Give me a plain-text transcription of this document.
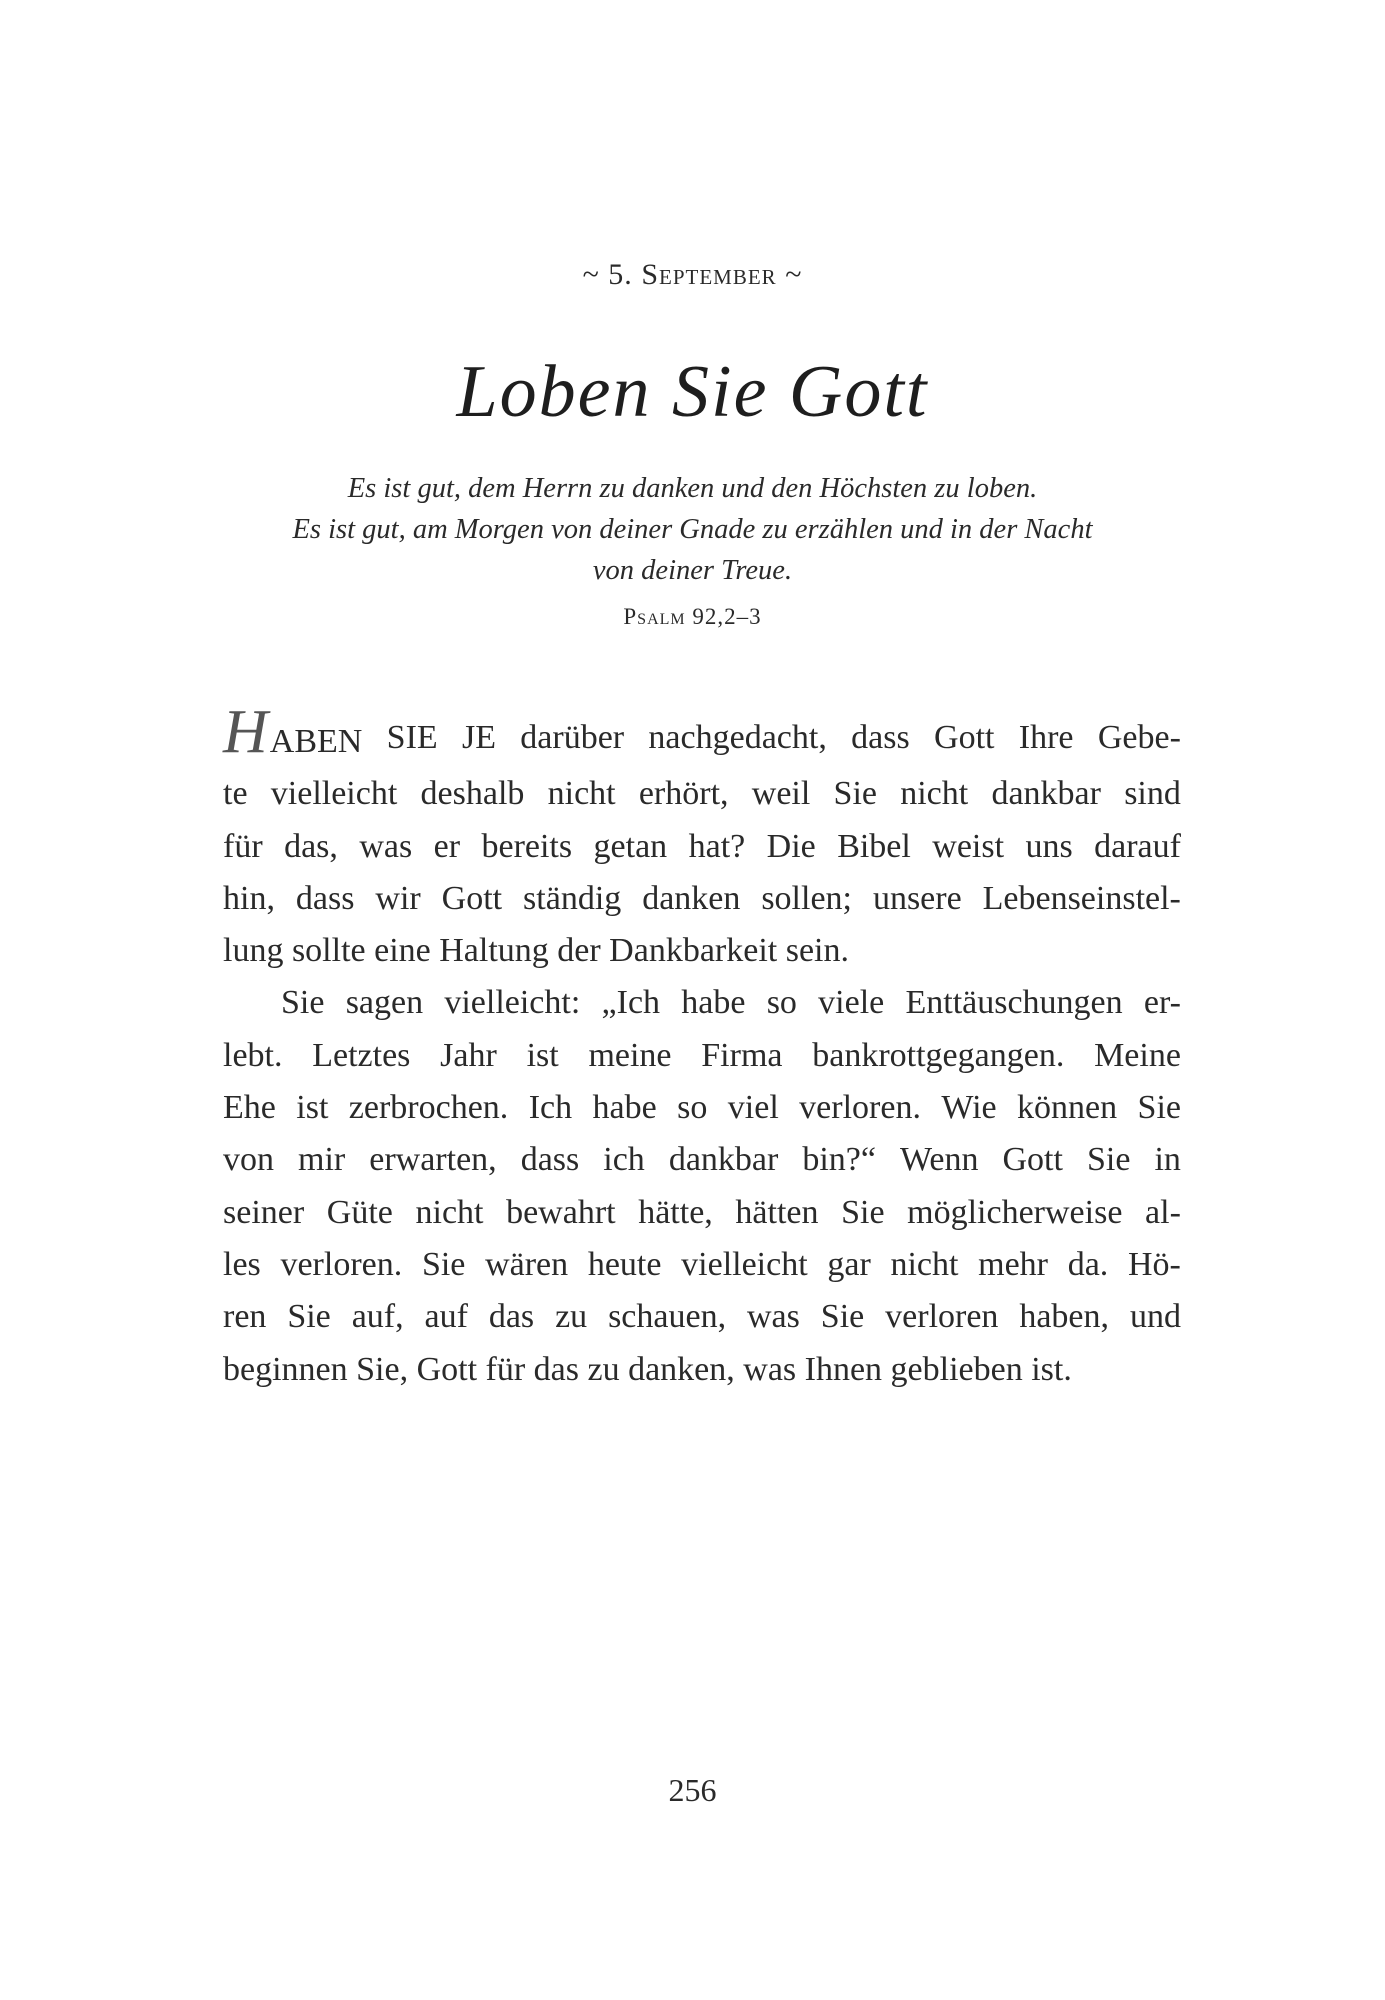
~ 5. September ~
Loben Sie Gott
Es ist gut, dem Herrn zu danken und den Höchsten zu loben.
Es ist gut, am Morgen von deiner Gnade zu erzählen und in der Nacht
von deiner Treue.
Psalm 92,2–3
HABEN SIE JE darüber nachgedacht, dass Gott Ihre Gebe-
te vielleicht deshalb nicht erhört, weil Sie nicht dankbar sind
für das, was er bereits getan hat? Die Bibel weist uns darauf
hin, dass wir Gott ständig danken sollen; unsere Lebenseinstel-
lung sollte eine Haltung der Dankbarkeit sein.
Sie sagen vielleicht: „Ich habe so viele Enttäuschungen er-
lebt. Letztes Jahr ist meine Firma bankrottgegangen. Meine
Ehe ist zerbrochen. Ich habe so viel verloren. Wie können Sie
von mir erwarten, dass ich dankbar bin?“ Wenn Gott Sie in
seiner Güte nicht bewahrt hätte, hätten Sie möglicherweise al-
les verloren. Sie wären heute vielleicht gar nicht mehr da. Hö-
ren Sie auf, auf das zu schauen, was Sie verloren haben, und
beginnen Sie, Gott für das zu danken, was Ihnen geblieben ist.
256
